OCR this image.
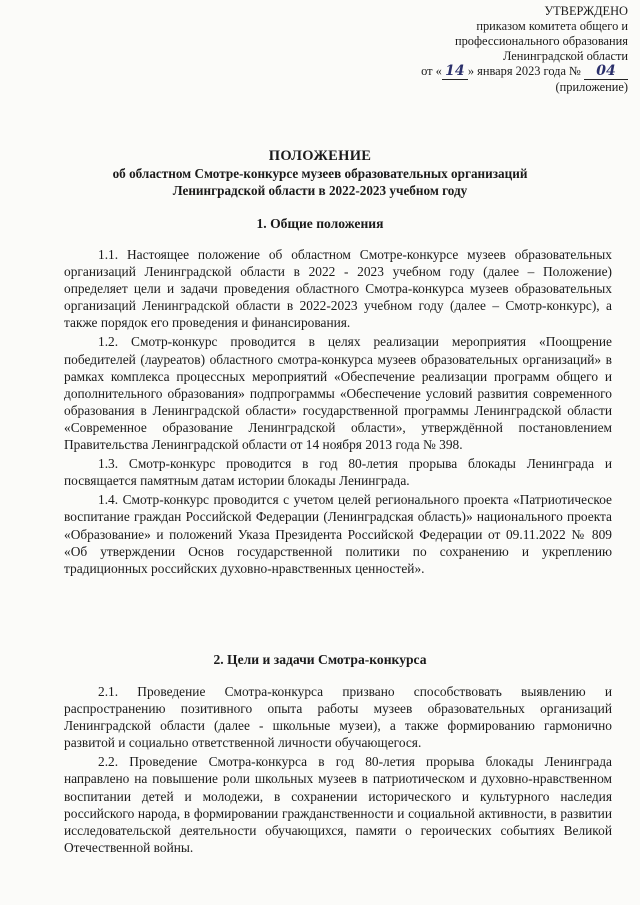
УТВЕРЖДЕНО
приказом комитета общего и
профессионального образования
Ленинградской области
от « 14 » января 2023 года № 04
(приложение)
ПОЛОЖЕНИЕ
об областном Смотре-конкурсе музеев образовательных организаций
Ленинградской области в 2022-2023 учебном году
1. Общие положения

1.1. Настоящее положение об областном Смотре-конкурсе музеев образовательных организаций Ленинградской области в 2022 - 2023 учебном году (далее – Положение) определяет цели и задачи проведения областного Смотра-конкурса музеев образовательных организаций Ленинградской области в 2022-2023 учебном году (далее – Смотр-конкурс), а также порядок его проведения и финансирования.

1.2. Смотр-конкурс проводится в целях реализации мероприятия «Поощрение победителей (лауреатов) областного смотра-конкурса музеев образовательных организаций» в рамках комплекса процессных мероприятий «Обеспечение реализации программ общего и дополнительного образования» подпрограммы «Обеспечение условий развития современного образования в Ленинградской области» государственной программы Ленинградской области «Современное образование Ленинградской области», утверждённой постановлением Правительства Ленинградской области от 14 ноября 2013 года № 398.

1.3. Смотр-конкурс проводится в год 80-летия прорыва блокады Ленинграда и посвящается памятным датам истории блокады Ленинграда.

1.4. Смотр-конкурс проводится с учетом целей регионального проекта «Патриотическое воспитание граждан Российской Федерации (Ленинградская область)» национального проекта «Образование» и положений Указа Президента Российской Федерации от 09.11.2022 № 809 «Об утверждении Основ государственной политики по сохранению и укреплению традиционных российских духовно-нравственных ценностей».

2. Цели и задачи Смотра-конкурса

2.1. Проведение Смотра-конкурса призвано способствовать выявлению и распространению позитивного опыта работы музеев образовательных организаций Ленинградской области (далее - школьные музеи), а также формированию гармонично развитой и социально ответственной личности обучающегося.

2.2. Проведение Смотра-конкурса в год 80-летия прорыва блокады Ленинграда направлено на повышение роли школьных музеев в патриотическом и духовно-нравственном воспитании детей и молодежи, в сохранении исторического и культурного наследия российского народа, в формировании гражданственности и социальной активности, в развитии исследовательской деятельности обучающихся, памяти о героических событиях Великой Отечественной войны.
